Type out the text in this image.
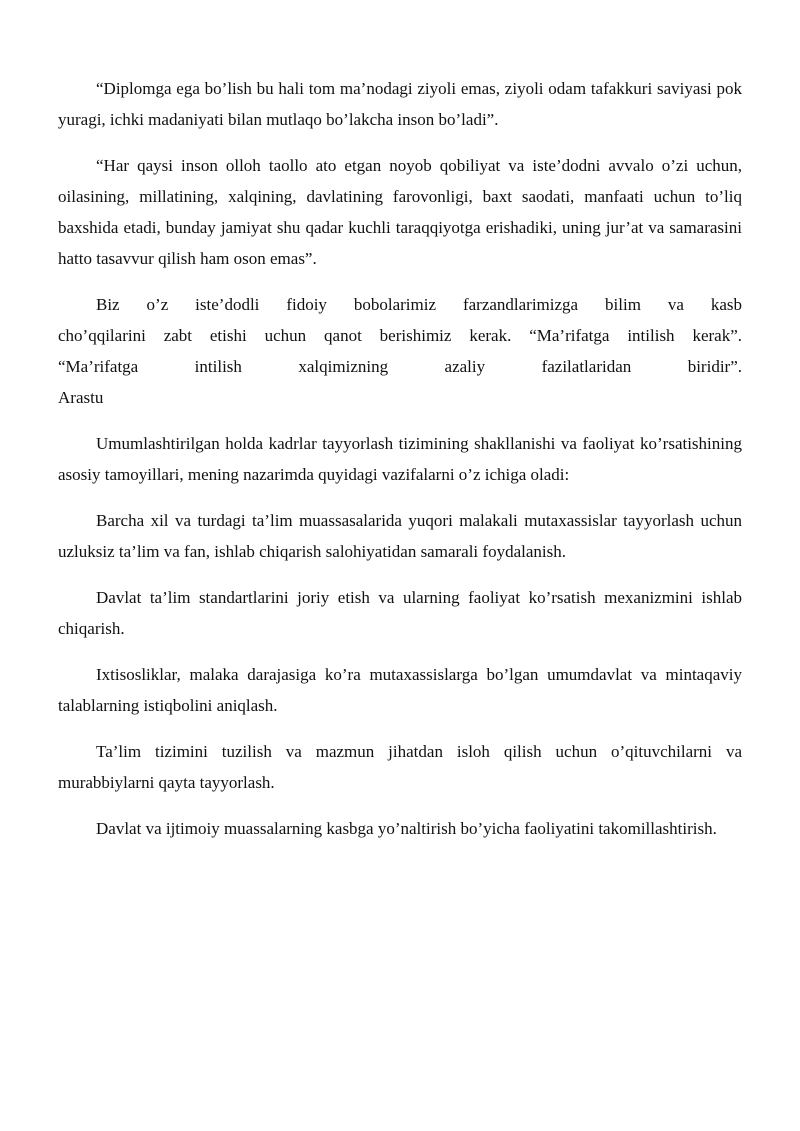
“Diplomga ega bo’lish bu hali tom ma’nodagi ziyoli emas, ziyoli odam tafakkuri saviyasi pok yuragi, ichki madaniyati bilan mutlaqo bo’lakcha inson bo’ladi”.

“Har qaysi inson olloh taollo ato etgan noyob qobiliyat va iste’dodni avvalo o’zi uchun, oilasining, millatining, xalqining, davlatining farovonligi, baxt saodati, manfaati uchun to’liq baxshida etadi, bunday jamiyat shu qadar kuchli taraqqiyotga erishadiki, uning jur’at va samarasini hatto tasavvur qilish ham oson emas”.

Biz o’z iste’dodli fidoiy bobolarimiz farzandlarimizga bilim va kasb
cho’qqilarini zabt etishi uchun qanot berishimiz kerak. “Ma’rifatga intilish kerak”.
“Ma’rifatga intilish xalqimizning azaliy fazilatlaridan biridir”.
Arastu

Umumlashtirilgan holda kadrlar tayyorlash tizimining shakllanishi va faoliyat ko’rsatishining asosiy tamoyillari, mening nazarimda quyidagi vazifalarni o’z ichiga oladi:

Barcha xil va turdagi ta’lim muassasalarida yuqori malakali mutaxassislar tayyorlash uchun uzluksiz ta’lim va fan, ishlab chiqarish salohiyatidan samarali foydalanish.

Davlat ta’lim standartlarini joriy etish va ularning faoliyat ko’rsatish mexanizmini ishlab chiqarish.

Ixtisosliklar, malaka darajasiga ko’ra mutaxassislarga bo’lgan umumdavlat va mintaqaviy talablarning istiqbolini aniqlash.

Ta’lim tizimini tuzilish va mazmun jihatdan isloh qilish uchun o’qituvchilarni va murabbiylarni qayta tayyorlash.

Davlat va ijtimoiy muassalarning kasbga yo’naltirish bo’yicha faoliyatini takomillashtirish.
